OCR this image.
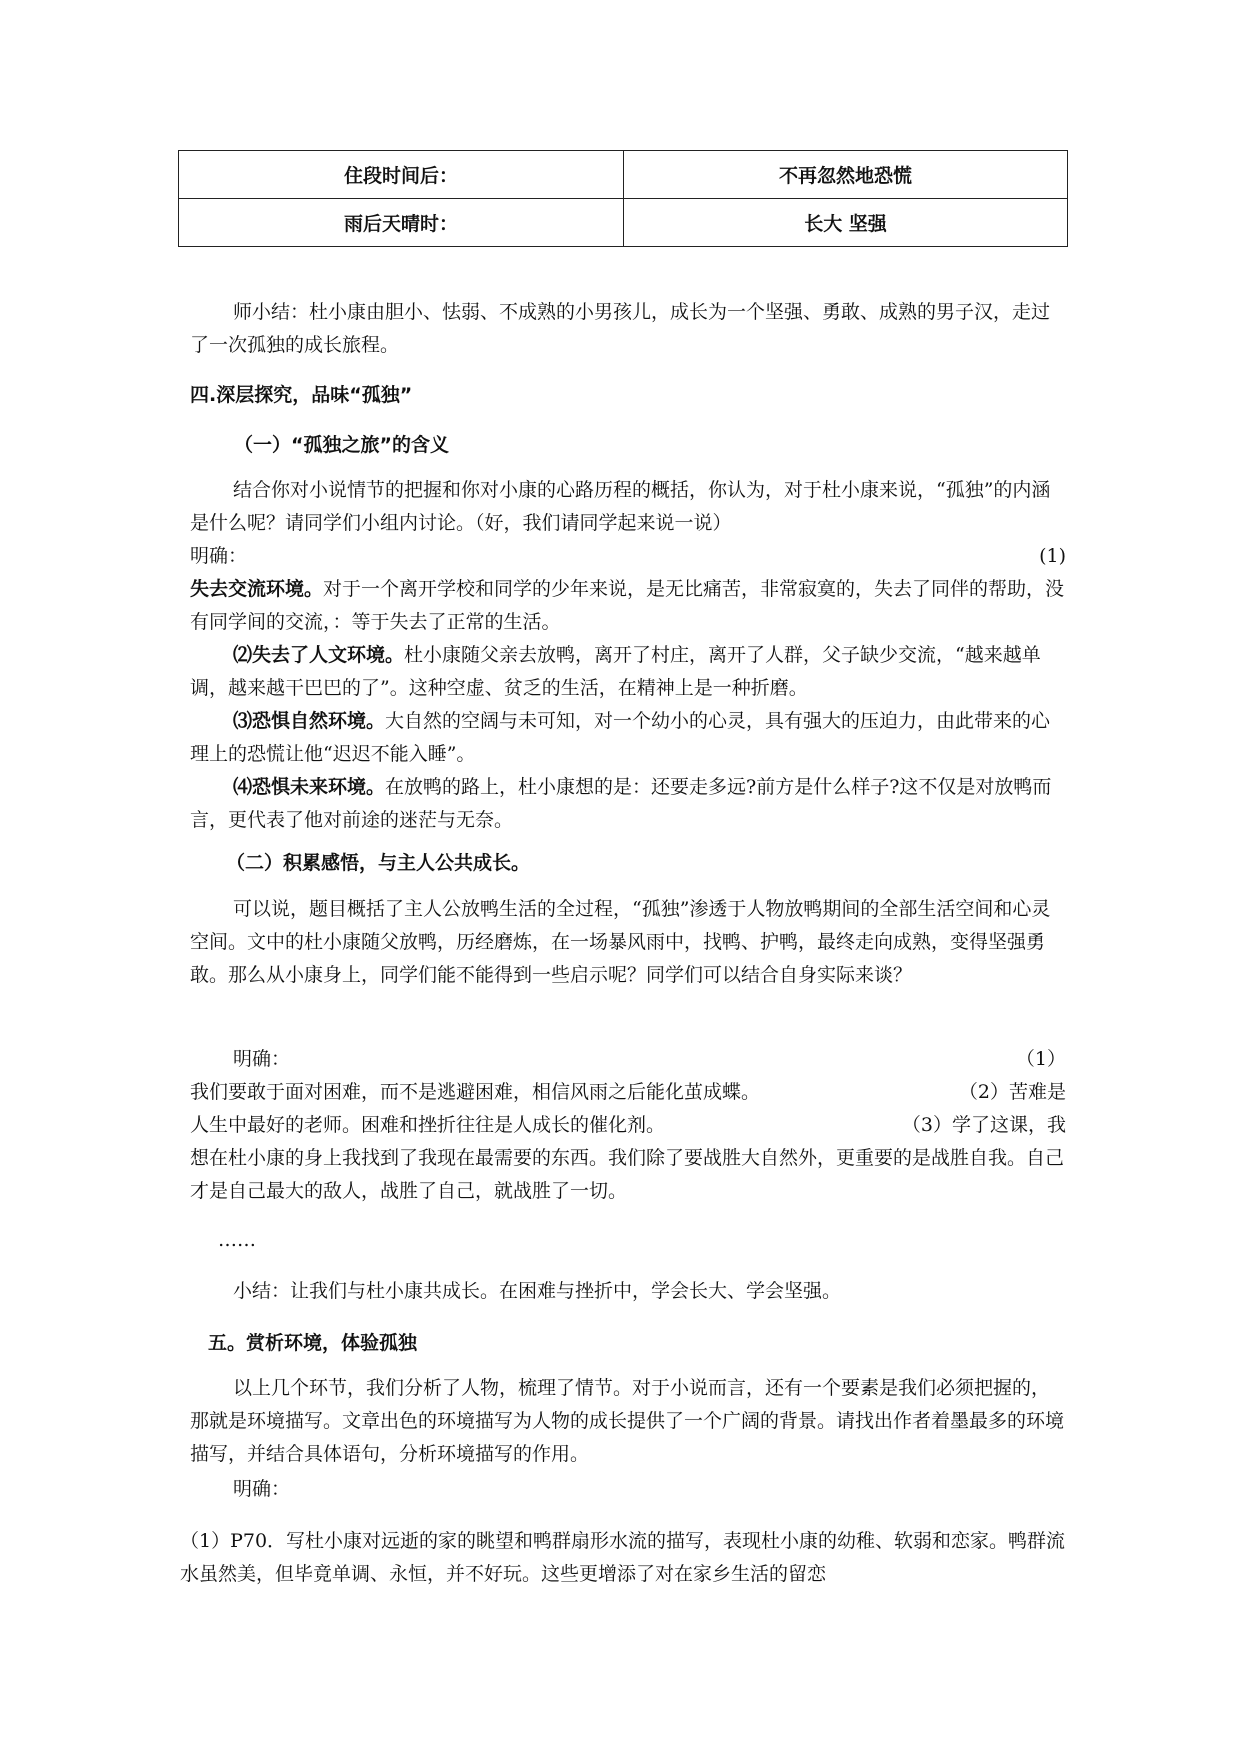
住段时间后：	不再忽然地恐慌
雨后天晴时：	长大 坚强

师小结：杜小康由胆小、怯弱、不成熟的小男孩儿，成长为一个坚强、勇敢、成熟的男子汉，走过了一次孤独的成长旅程。

四.深层探究，品味“孤独”
（一）“孤独之旅”的含义

结合你对小说情节的把握和你对小康的心路历程的概括，你认为，对于杜小康来说，“孤独”的内涵是什么呢？请同学们小组内讨论。（好，我们请同学起来说一说）

明确：	(1)

失去交流环境。对于一个离开学校和同学的少年来说，是无比痛苦，非常寂寞的，失去了同伴的帮助，没有同学间的交流，：等于失去了正常的生活。

⑵失去了人文环境。杜小康随父亲去放鸭，离开了村庄，离开了人群，父子缺少交流，“越来越单调，越来越干巴巴的了”。这种空虚、贫乏的生活，在精神上是一种折磨。

⑶恐惧自然环境。大自然的空阔与未可知，对一个幼小的心灵，具有强大的压迫力，由此带来的心理上的恐慌让他“迟迟不能入睡”。

⑷恐惧未来环境。在放鸭的路上，杜小康想的是：还要走多远?前方是什么样子?这不仅是对放鸭而言，更代表了他对前途的迷茫与无奈。

（二）积累感悟，与主人公共成长。

可以说，题目概括了主人公放鸭生活的全过程，“孤独”渗透于人物放鸭期间的全部生活空间和心灵空间。文中的杜小康随父放鸭，历经磨炼，在一场暴风雨中，找鸭、护鸭，最终走向成熟，变得坚强勇敢。那么从小康身上，同学们能不能得到一些启示呢？同学们可以结合自身实际来谈？

明确：	（1）
我们要敢于面对困难，而不是逃避困难，相信风雨之后能化茧成蝶。	（2）苦难是
人生中最好的老师。困难和挫折往往是人成长的催化剂。	（3）学了这课，我

想在杜小康的身上我找到了我现在最需要的东西。我们除了要战胜大自然外，更重要的是战胜自我。自己才是自己最大的敌人，战胜了自己，就战胜了一切。

……

小结：让我们与杜小康共成长。在困难与挫折中，学会长大、学会坚强。

五。赏析环境，体验孤独

以上几个环节，我们分析了人物，梳理了情节。对于小说而言，还有一个要素是我们必须把握的，那就是环境描写。文章出色的环境描写为人物的成长提供了一个广阔的背景。请找出作者着墨最多的环境描写，并结合具体语句，分析环境描写的作用。

明确：

（1）P70．写杜小康对远逝的家的眺望和鸭群扇形水流的描写，表现杜小康的幼稚、软弱和恋家。鸭群流水虽然美，但毕竟单调、永恒，并不好玩。这些更增添了对在家乡生活的留恋
